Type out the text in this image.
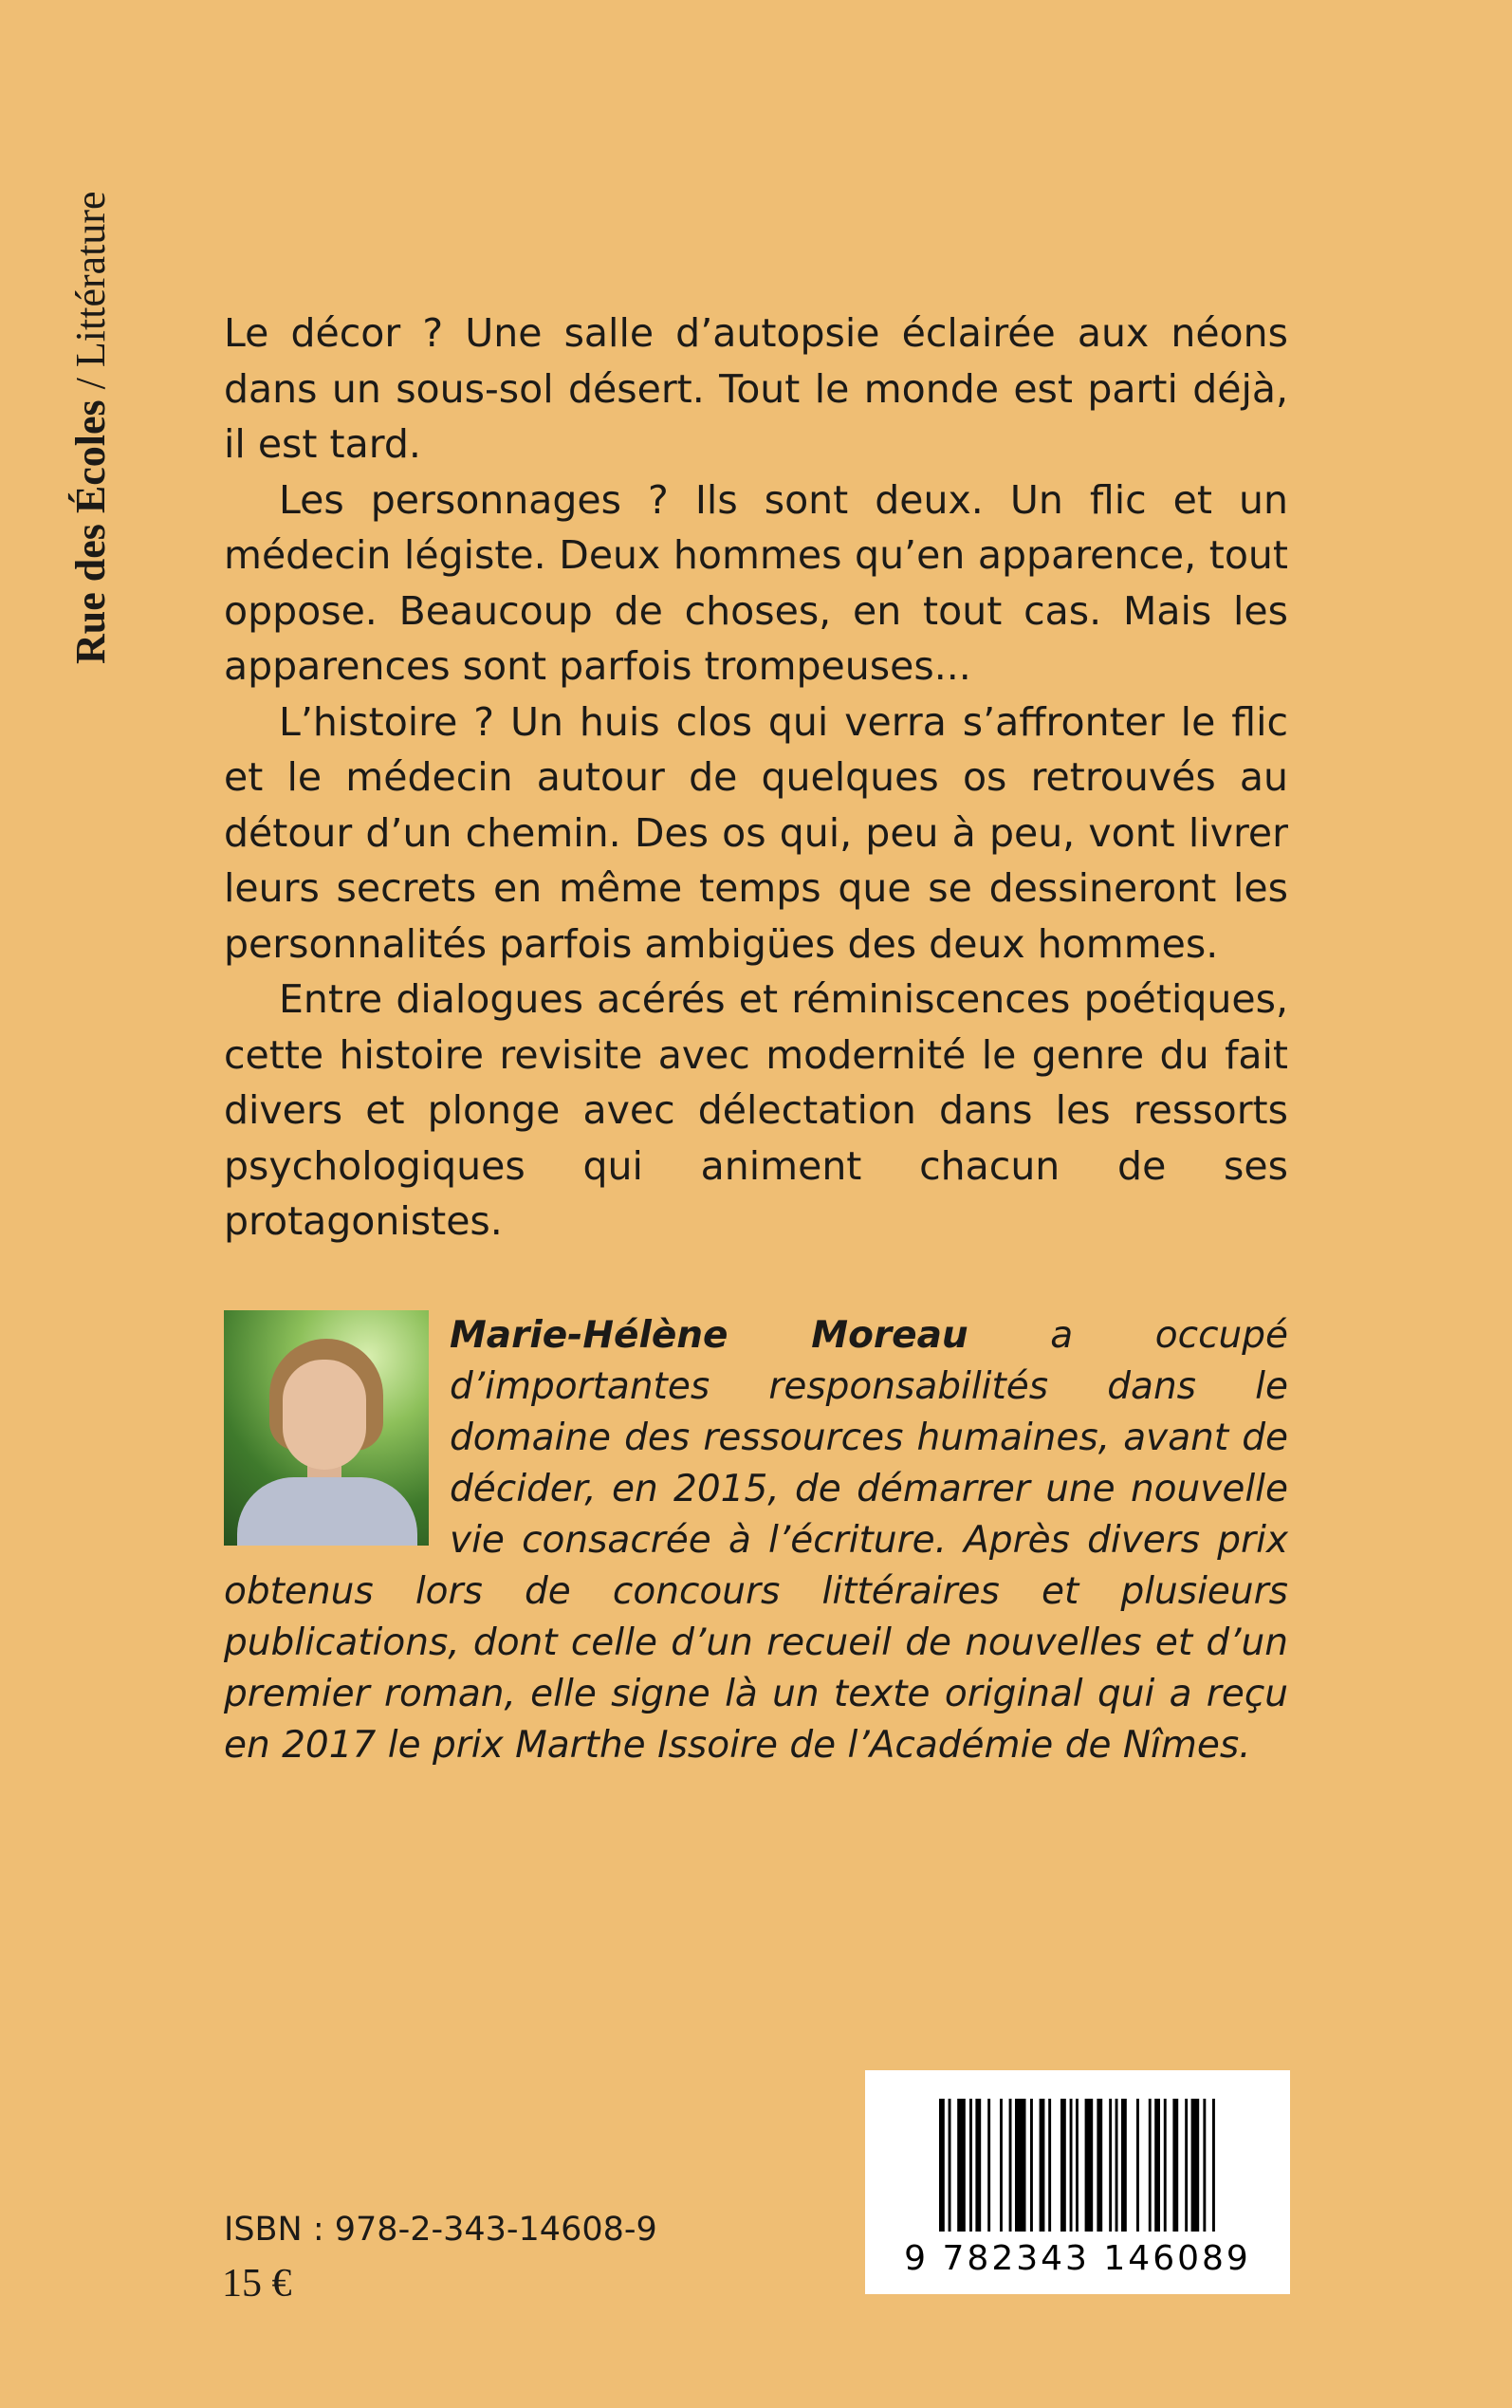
Rue des Écoles / Littérature	Le décor ? Une salle d’autopsie éclairée aux néons dans un sous-sol désert. Tout le monde est parti déjà, il est tard.

Les personnages ? Ils sont deux. Un flic et un médecin légiste. Deux hommes qu’en apparence, tout oppose. Beaucoup de choses, en tout cas. Mais les apparences sont parfois trompeuses...

L’histoire ? Un huis clos qui verra s’affronter le flic et le médecin autour de quelques os retrouvés au détour d’un chemin. Des os qui, peu à peu, vont livrer leurs secrets en même temps que se dessineront les personnalités parfois ambigües des deux hommes.

Entre dialogues acérés et réminiscences poétiques, cette histoire revisite avec modernité le genre du fait divers et plonge avec délectation dans les ressorts psychologiques qui animent chacun de ses protagonistes.

Marie-Hélène Moreau a occupé d’importantes responsabilités dans le domaine des ressources humaines, avant de décider, en 2015, de démarrer une nouvelle vie consacrée à l’écriture. Après divers prix obtenus lors de concours littéraires et plusieurs publications, dont celle d’un recueil de nouvelles et d’un premier roman, elle signe là un texte original qui a reçu en 2017 le prix Marthe Issoire de l’Académie de Nîmes.

ISBN : 978-2-343-14608-9
15 €
9 782343 146089
